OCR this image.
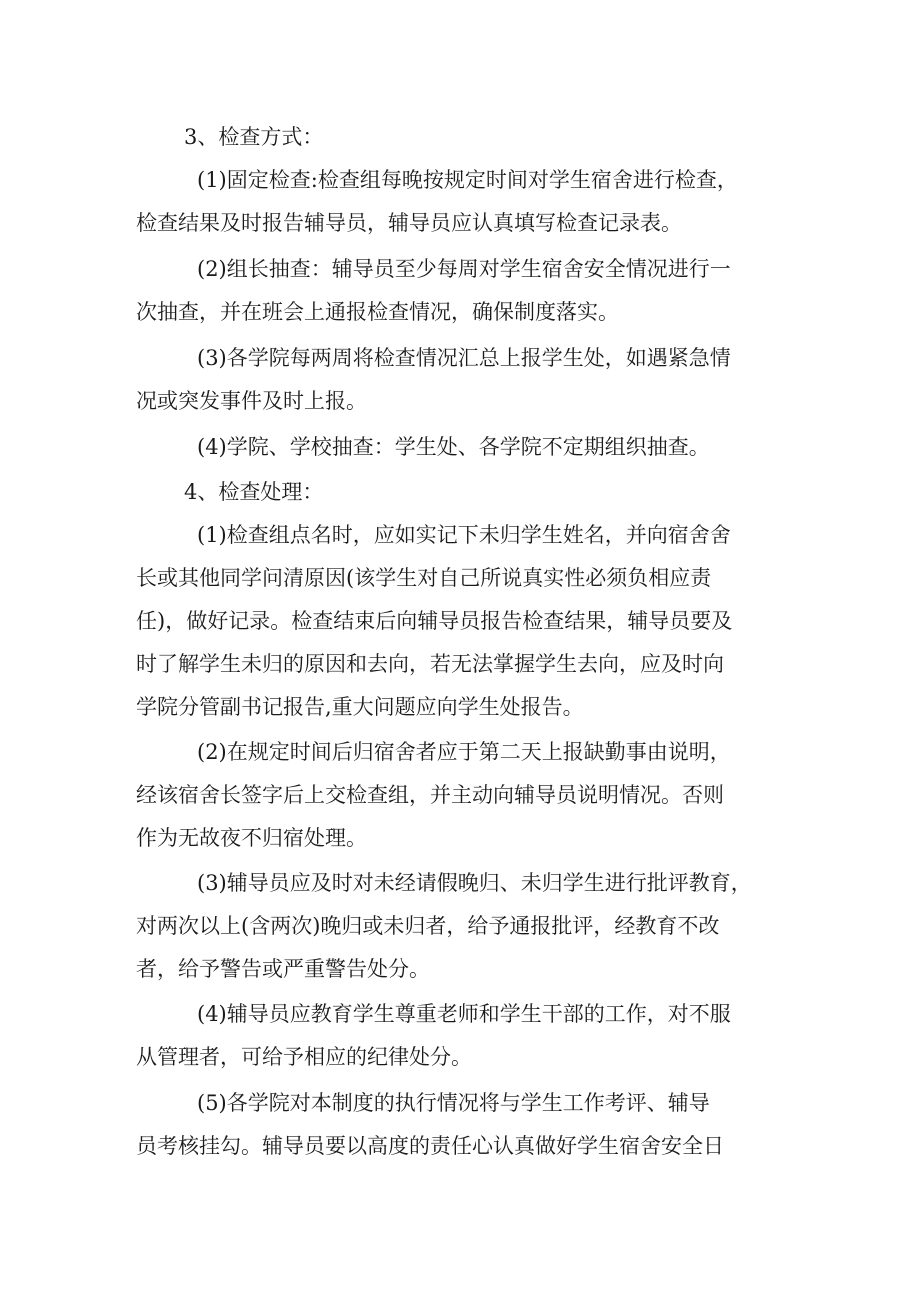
3、检查方式：
(1)固定检查:检查组每晚按规定时间对学生宿舍进行检查，
检查结果及时报告辅导员，辅导员应认真填写检查记录表。
(2)组长抽查：辅导员至少每周对学生宿舍安全情况进行一
次抽查，并在班会上通报检查情况，确保制度落实。
(3)各学院每两周将检查情况汇总上报学生处，如遇紧急情
况或突发事件及时上报。
(4)学院、学校抽查：学生处、各学院不定期组织抽查。
4、检查处理：
(1)检查组点名时，应如实记下未归学生姓名，并向宿舍舍
长或其他同学问清原因(该学生对自己所说真实性必须负相应责
任)，做好记录。检查结束后向辅导员报告检查结果，辅导员要及
时了解学生未归的原因和去向，若无法掌握学生去向，应及时向
学院分管副书记报告,重大问题应向学生处报告。
(2)在规定时间后归宿舍者应于第二天上报缺勤事由说明，
经该宿舍长签字后上交检查组，并主动向辅导员说明情况。否则
作为无故夜不归宿处理。
(3)辅导员应及时对未经请假晚归、未归学生进行批评教育，
对两次以上(含两次)晚归或未归者，给予通报批评，经教育不改
者，给予警告或严重警告处分。
(4)辅导员应教育学生尊重老师和学生干部的工作，对不服
从管理者，可给予相应的纪律处分。
(5)各学院对本制度的执行情况将与学生工作考评、辅导
员考核挂勾。辅导员要以高度的责任心认真做好学生宿舍安全日
